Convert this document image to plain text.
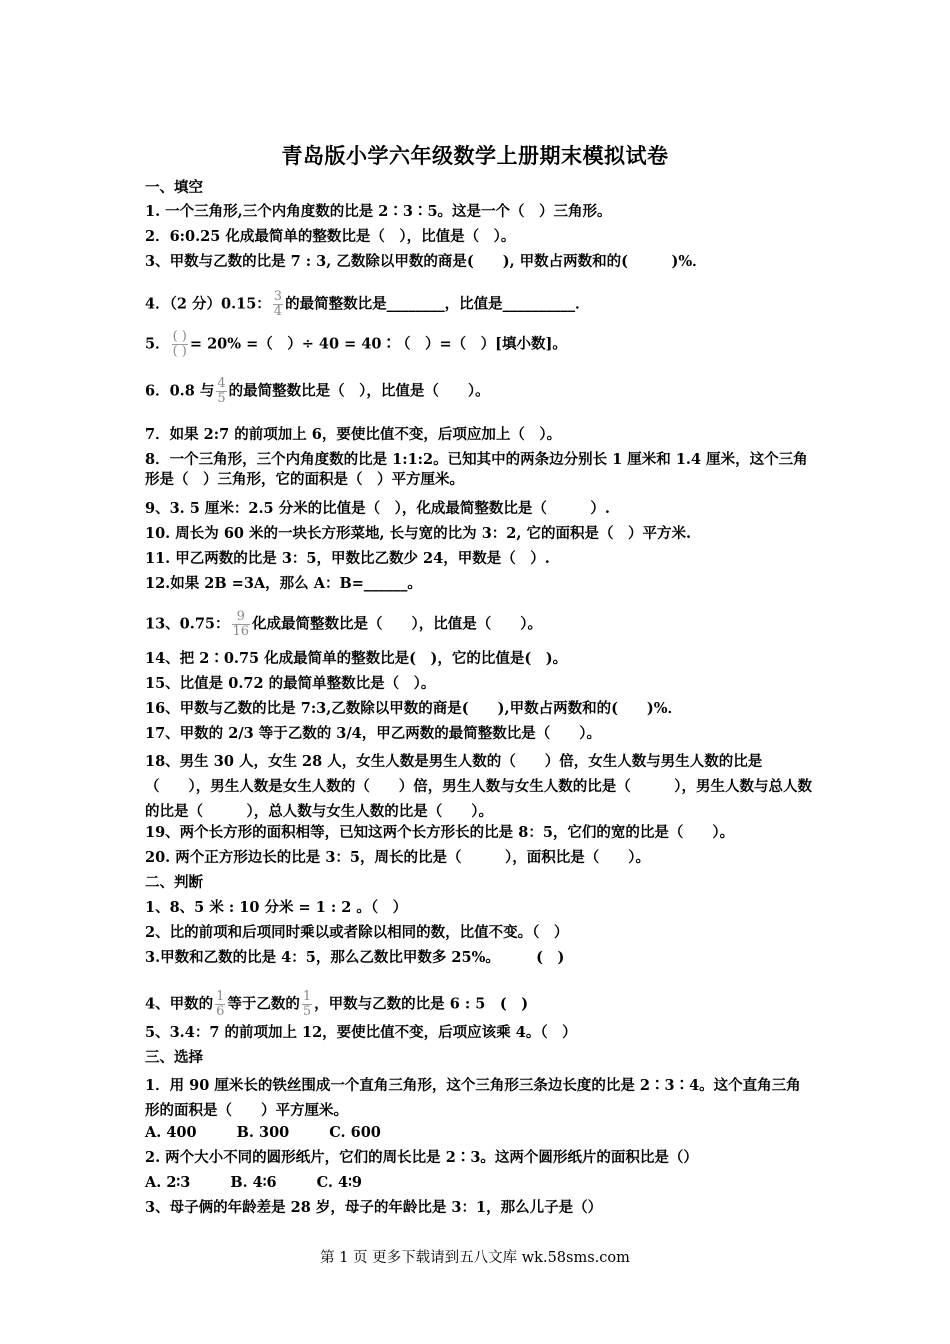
青岛版小学六年级数学上册期末模拟试卷
一、填空
1. 一个三角形,三个内角度数的比是 2∶3∶5。这是一个（　）三角形。
2．6:0.25 化成最简单的整数比是（　），比值是（　）。
3、甲数与乙数的比是 7 : 3, 乙数除以甲数的商是(　　), 甲数占两数和的(　　　)%．
4．（2 分）0.15： $\frac{3}{4}$ 的最简整数比是________，比值是__________．
5． $\frac{( )}{( )} = 20\%$ =（　）÷ 40 = 40∶（　）=（　）[填小数]。
6．0.8 与 $\frac{4}{5}$ 的最简整数比是（　），比值是（　　）。
7．如果 2:7 的前项加上 6，要使比值不变，后项应加上（　）。
8．一个三角形，三个内角度数的比是 1:1:2。已知其中的两条边分别长 1 厘米和 1.4 厘米，这个三角形是（　）三角形，它的面积是（　）平方厘米。
9、3. 5 厘米：2.5 分米的比值是（　），化成最简整数比是（　　　）.
10. 周长为 60 米的一块长方形菜地, 长与宽的比为 3：2, 它的面积是（　）平方米.
11. 甲乙两数的比是 3：5，甲数比乙数少 24，甲数是（　）.
12.如果 2B =3A，那么 A：B=______。
13、0.75： $\frac{9}{16}$ 化成最简整数比是（　　），比值是（　　）。
14、把 2∶0.75 化成最简单的整数比是(　)，它的比值是(　)。
15、比值是 0.72 的最简单整数比是（　）。
16、甲数与乙数的比是 7:3,乙数除以甲数的商是(　　),甲数占两数和的(　　)%．
17、甲数的 2/3 等于乙数的 3/4，甲乙两数的最简整数比是（　　）。
18、男生 30 人，女生 28 人，女生人数是男生人数的（　　）倍，女生人数与男生人数的比是（　　），男生人数是女生人数的（　　）倍，男生人数与女生人数的比是（　　　），男生人数与总人数的比是（　　　），总人数与女生人数的比是（　　）。
19、两个长方形的面积相等，已知这两个长方形长的比是 8：5，它们的宽的比是（　　）。
20. 两个正方形边长的比是 3：5，周长的比是（　　　），面积比是（　　）。
二、判断
1、8、5 米 : 10 分米 = 1 : 2 。（　）
2、比的前项和后项同时乘以或者除以相同的数，比值不变。（　）
3.甲数和乙数的比是 4：5，那么乙数比甲数多 25%。　　　(　)
4、甲数的 $\frac{1}{6}$ 等于乙数的 $\frac{1}{5}$ ，甲数与乙数的比是 6 : 5　(　)
5、3.4：7 的前项加上 12，要使比值不变，后项应该乘 4。（　）
三、选择
1．用 90 厘米长的铁丝围成一个直角三角形，这个三角形三条边长度的比是 2∶3∶4。这个直角三角形的面积是（　　）平方厘米。
A. 400	B. 300	C. 600
2. 两个大小不同的圆形纸片，它们的周长比是 2∶3。这两个圆形纸片的面积比是（）
A. 2∶3	B. 4∶6	C. 4∶9
3、母子俩的年龄差是 28 岁，母子的年龄比是 3：1，那么儿子是（）
第 1 页 更多下载请到五八文库 wk.58sms.com
